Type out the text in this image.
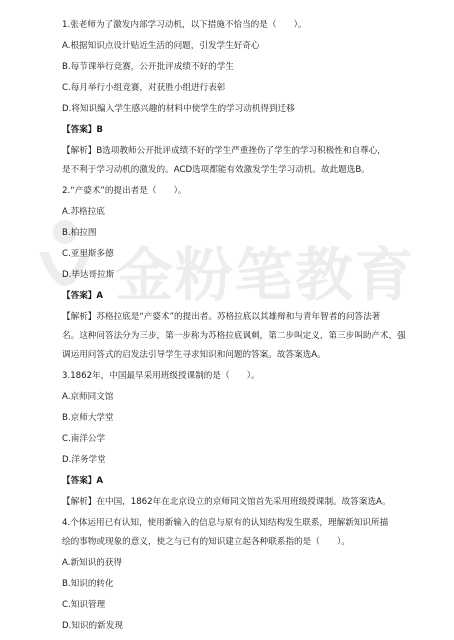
金粉笔教育
1.张老师为了激发内部学习动机，以下措施不恰当的是（　　）。
A.根据知识点设计贴近生活的问题，引发学生好奇心
B.每节课举行竞赛，公开批评成绩不好的学生
C.每月举行小组竞赛，对获胜小组进行表彰
D.将知识编入学生感兴趣的材料中使学生的学习动机得到迁移
【答案】B
【解析】B选项教师公开批评成绩不好的学生严重挫伤了学生的学习积极性和自尊心，
是不利于学习动机的激发的。ACD选项都能有效激发学生学习动机。故此题选B。
2.“产婆术”的提出者是（　　）。
A.苏格拉底
B.柏拉图
C.亚里斯多德
D.毕达哥拉斯
【答案】A
【解析】苏格拉底是“产婆术”的提出者。苏格拉底以其雄辩和与青年智者的问答法著
名。这种问答法分为三步，第一步称为苏格拉底讽刺，第二步叫定义，第三步叫助产术，强
调运用问答式的启发法引导学生寻求知识和问题的答案。故答案选A。
3.1862年，中国最早采用班级授课制的是（　　）。
A.京师同文馆
B.京师大学堂
C.南洋公学
D.洋务学堂
【答案】A
【解析】在中国，1862年在北京设立的京师同文馆首先采用班级授课制。故答案选A。
4.个体运用已有认知，使用新输入的信息与原有的认知结构发生联系，理解新知识所描
绘的事物或现象的意义，使之与已有的知识建立起各种联系指的是（　　）。
A.新知识的获得
B.知识的转化
C.知识管理
D.知识的新发现
